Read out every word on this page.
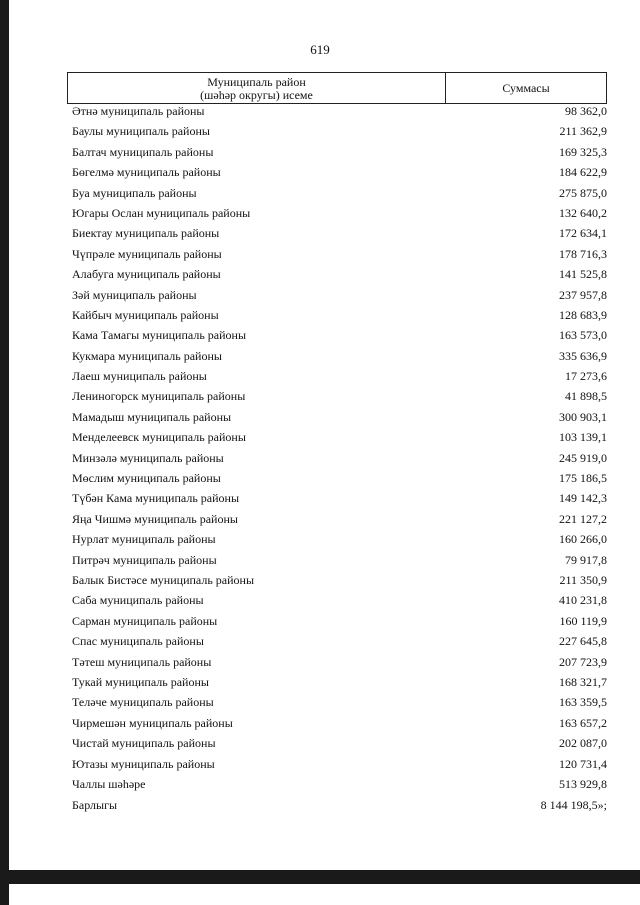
619
Муниципаль район
(шәһәр округы) исеме	Суммасы
Әтнә муниципаль районы	98 362,0
Баулы муниципаль районы	211 362,9
Балтач муниципаль районы	169 325,3
Бөгелмә муниципаль районы	184 622,9
Буа муниципаль районы	275 875,0
Югары Ослан муниципаль районы	132 640,2
Биектау муниципаль районы	172 634,1
Чүпрәле муниципаль районы	178 716,3
Алабуга муниципаль районы	141 525,8
Зәй муниципаль районы	237 957,8
Кайбыч муниципаль районы	128 683,9
Кама Тамагы муниципаль районы	163 573,0
Кукмара муниципаль районы	335 636,9
Лаеш муниципаль районы	17 273,6
Лениногорск муниципаль районы	41 898,5
Мамадыш муниципаль районы	300 903,1
Менделеевск муниципаль районы	103 139,1
Минзәлә муниципаль районы	245 919,0
Мөслим муниципаль районы	175 186,5
Түбән Кама муниципаль районы	149 142,3
Яңа Чишмә муниципаль районы	221 127,2
Нурлат муниципаль районы	160 266,0
Питрәч муниципаль районы	79 917,8
Балык Бистәсе муниципаль районы	211 350,9
Саба муниципаль районы	410 231,8
Сарман муниципаль районы	160 119,9
Спас муниципаль районы	227 645,8
Тәтеш муниципаль районы	207 723,9
Тукай муниципаль районы	168 321,7
Теләче муниципаль районы	163 359,5
Чирмешән муниципаль районы	163 657,2
Чистай муниципаль районы	202 087,0
Ютазы муниципаль районы	120 731,4
Чаллы шәһәре	513 929,8
Барлыгы	8 144 198,5»;
